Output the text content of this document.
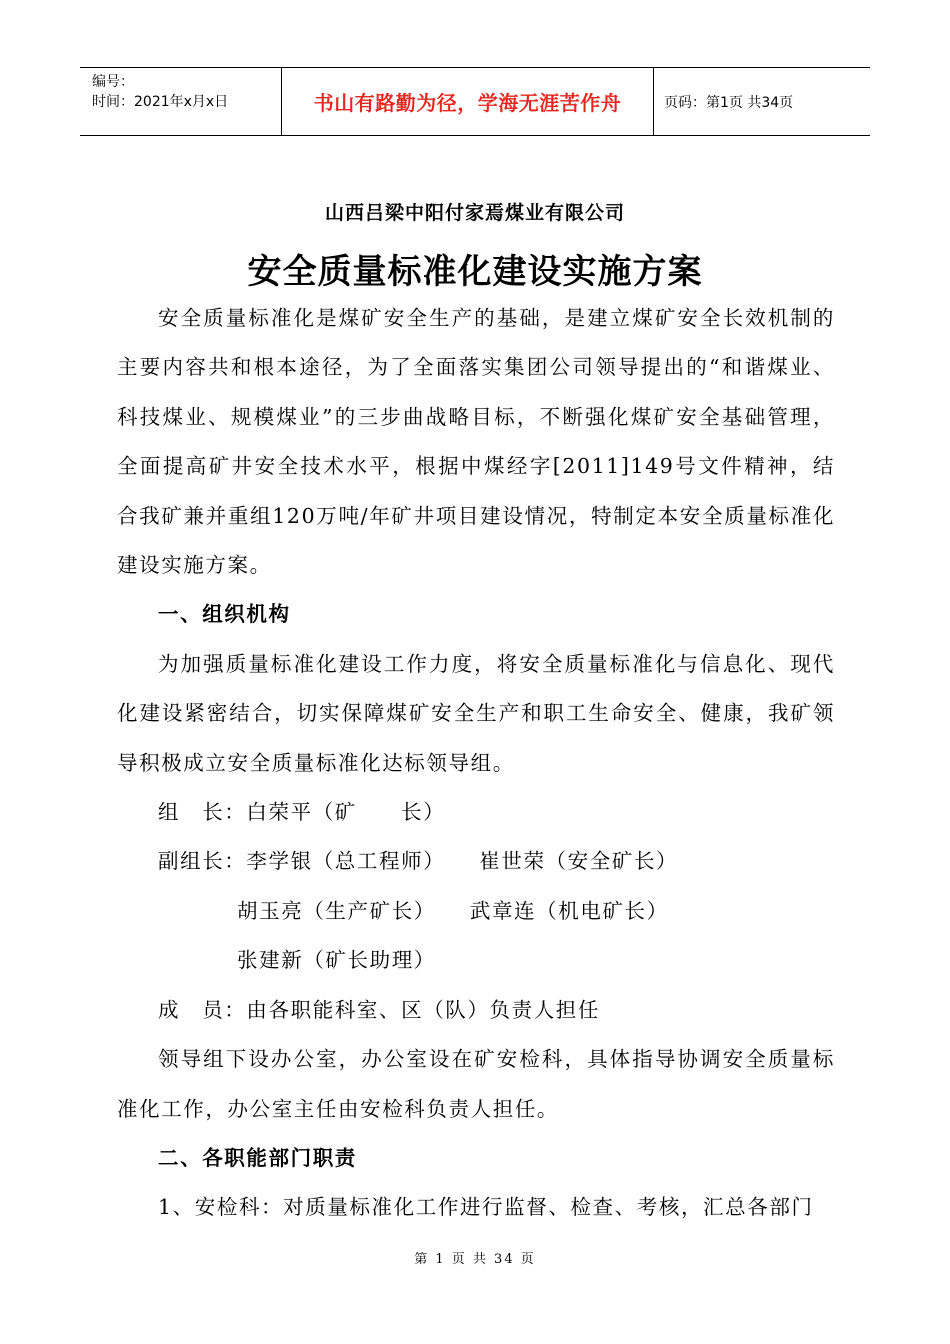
编号：
时间：2021年x月x日	书山有路勤为径，学海无涯苦作舟	页码：第1页 共34页
山西吕梁中阳付家焉煤业有限公司
安全质量标准化建设实施方案

安全质量标准化是煤矿安全生产的基础，是建立煤矿安全长效机制的主要内容共和根本途径，为了全面落实集团公司领导提出的“和谐煤业、科技煤业、规模煤业”的三步曲战略目标，不断强化煤矿安全基础管理，全面提高矿井安全技术水平，根据中煤经字[2011]149号文件精神，结合我矿兼并重组120万吨/年矿井项目建设情况，特制定本安全质量标准化建设实施方案。

一、组织机构

为加强质量标准化建设工作力度，将安全质量标准化与信息化、现代化建设紧密结合，切实保障煤矿安全生产和职工生命安全、健康，我矿领导积极成立安全质量标准化达标领导组。

组　长：白荣平（矿　　长）

副组长：李学银（总工程师）　　崔世荣（安全矿长）

胡玉亮（生产矿长）　　武章连（机电矿长）

张建新（矿长助理）

成　员：由各职能科室、区（队）负责人担任

领导组下设办公室，办公室设在矿安检科，具体指导协调安全质量标准化工作，办公室主任由安检科负责人担任。

二、各职能部门职责

1、安检科：对质量标准化工作进行监督、检查、考核，汇总各部门

第 1 页 共 34 页
